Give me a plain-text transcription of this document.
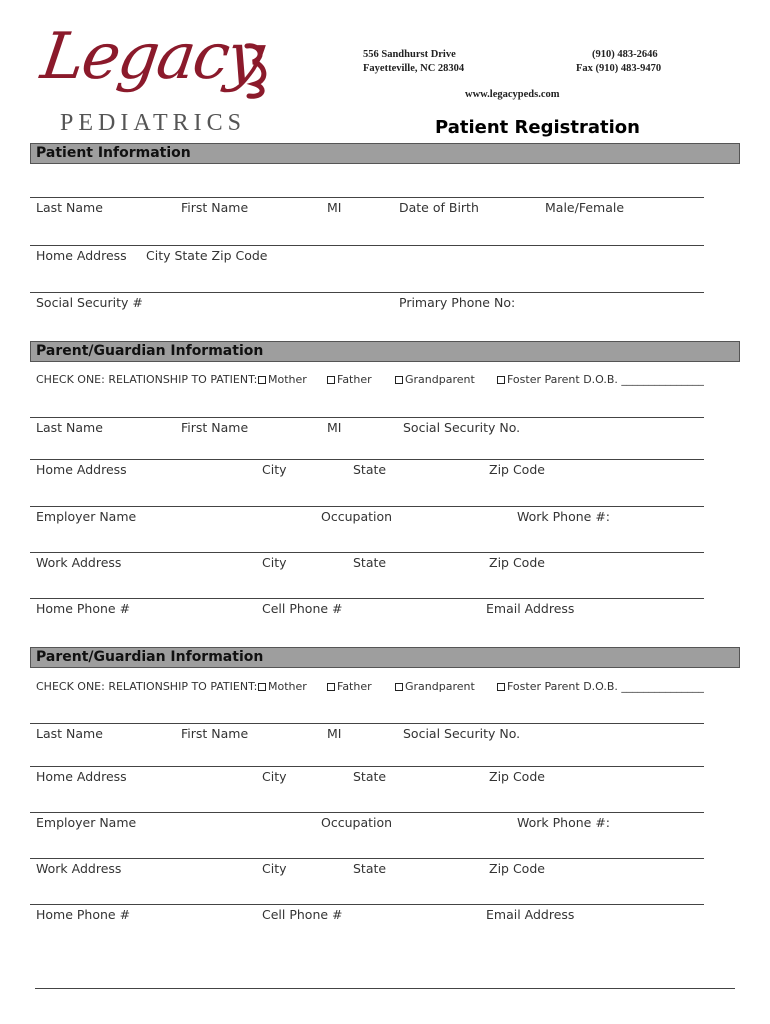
Legacy
PEDIATRICS
556 Sandhurst Drive
Fayetteville, NC 28304
(910) 483-2646
Fax (910) 483-9470
www.legacypeds.com
Patient Registration
Patient Information
Last Name	First Name	MI	Date of Birth	Male/Female
Home Address City State Zip Code
Social Security #	Primary Phone No:
Parent/Guardian Information
CHECK ONE: RELATIONSHIP TO PATIENT: Mother	Father	Grandparent	Foster Parent D.O.B. _______________
Last Name	First Name	MI	Social Security No.
Home Address	City	State	Zip Code
Employer Name	Occupation	Work Phone #:
Work Address	City	State	Zip Code
Home Phone #	Cell Phone #	Email Address
Parent/Guardian Information
CHECK ONE: RELATIONSHIP TO PATIENT: Mother	Father	Grandparent	Foster Parent D.O.B. _______________
Last Name	First Name	MI	Social Security No.
Home Address	City	State	Zip Code
Employer Name	Occupation	Work Phone #:
Work Address	City	State	Zip Code
Home Phone #	Cell Phone #	Email Address
